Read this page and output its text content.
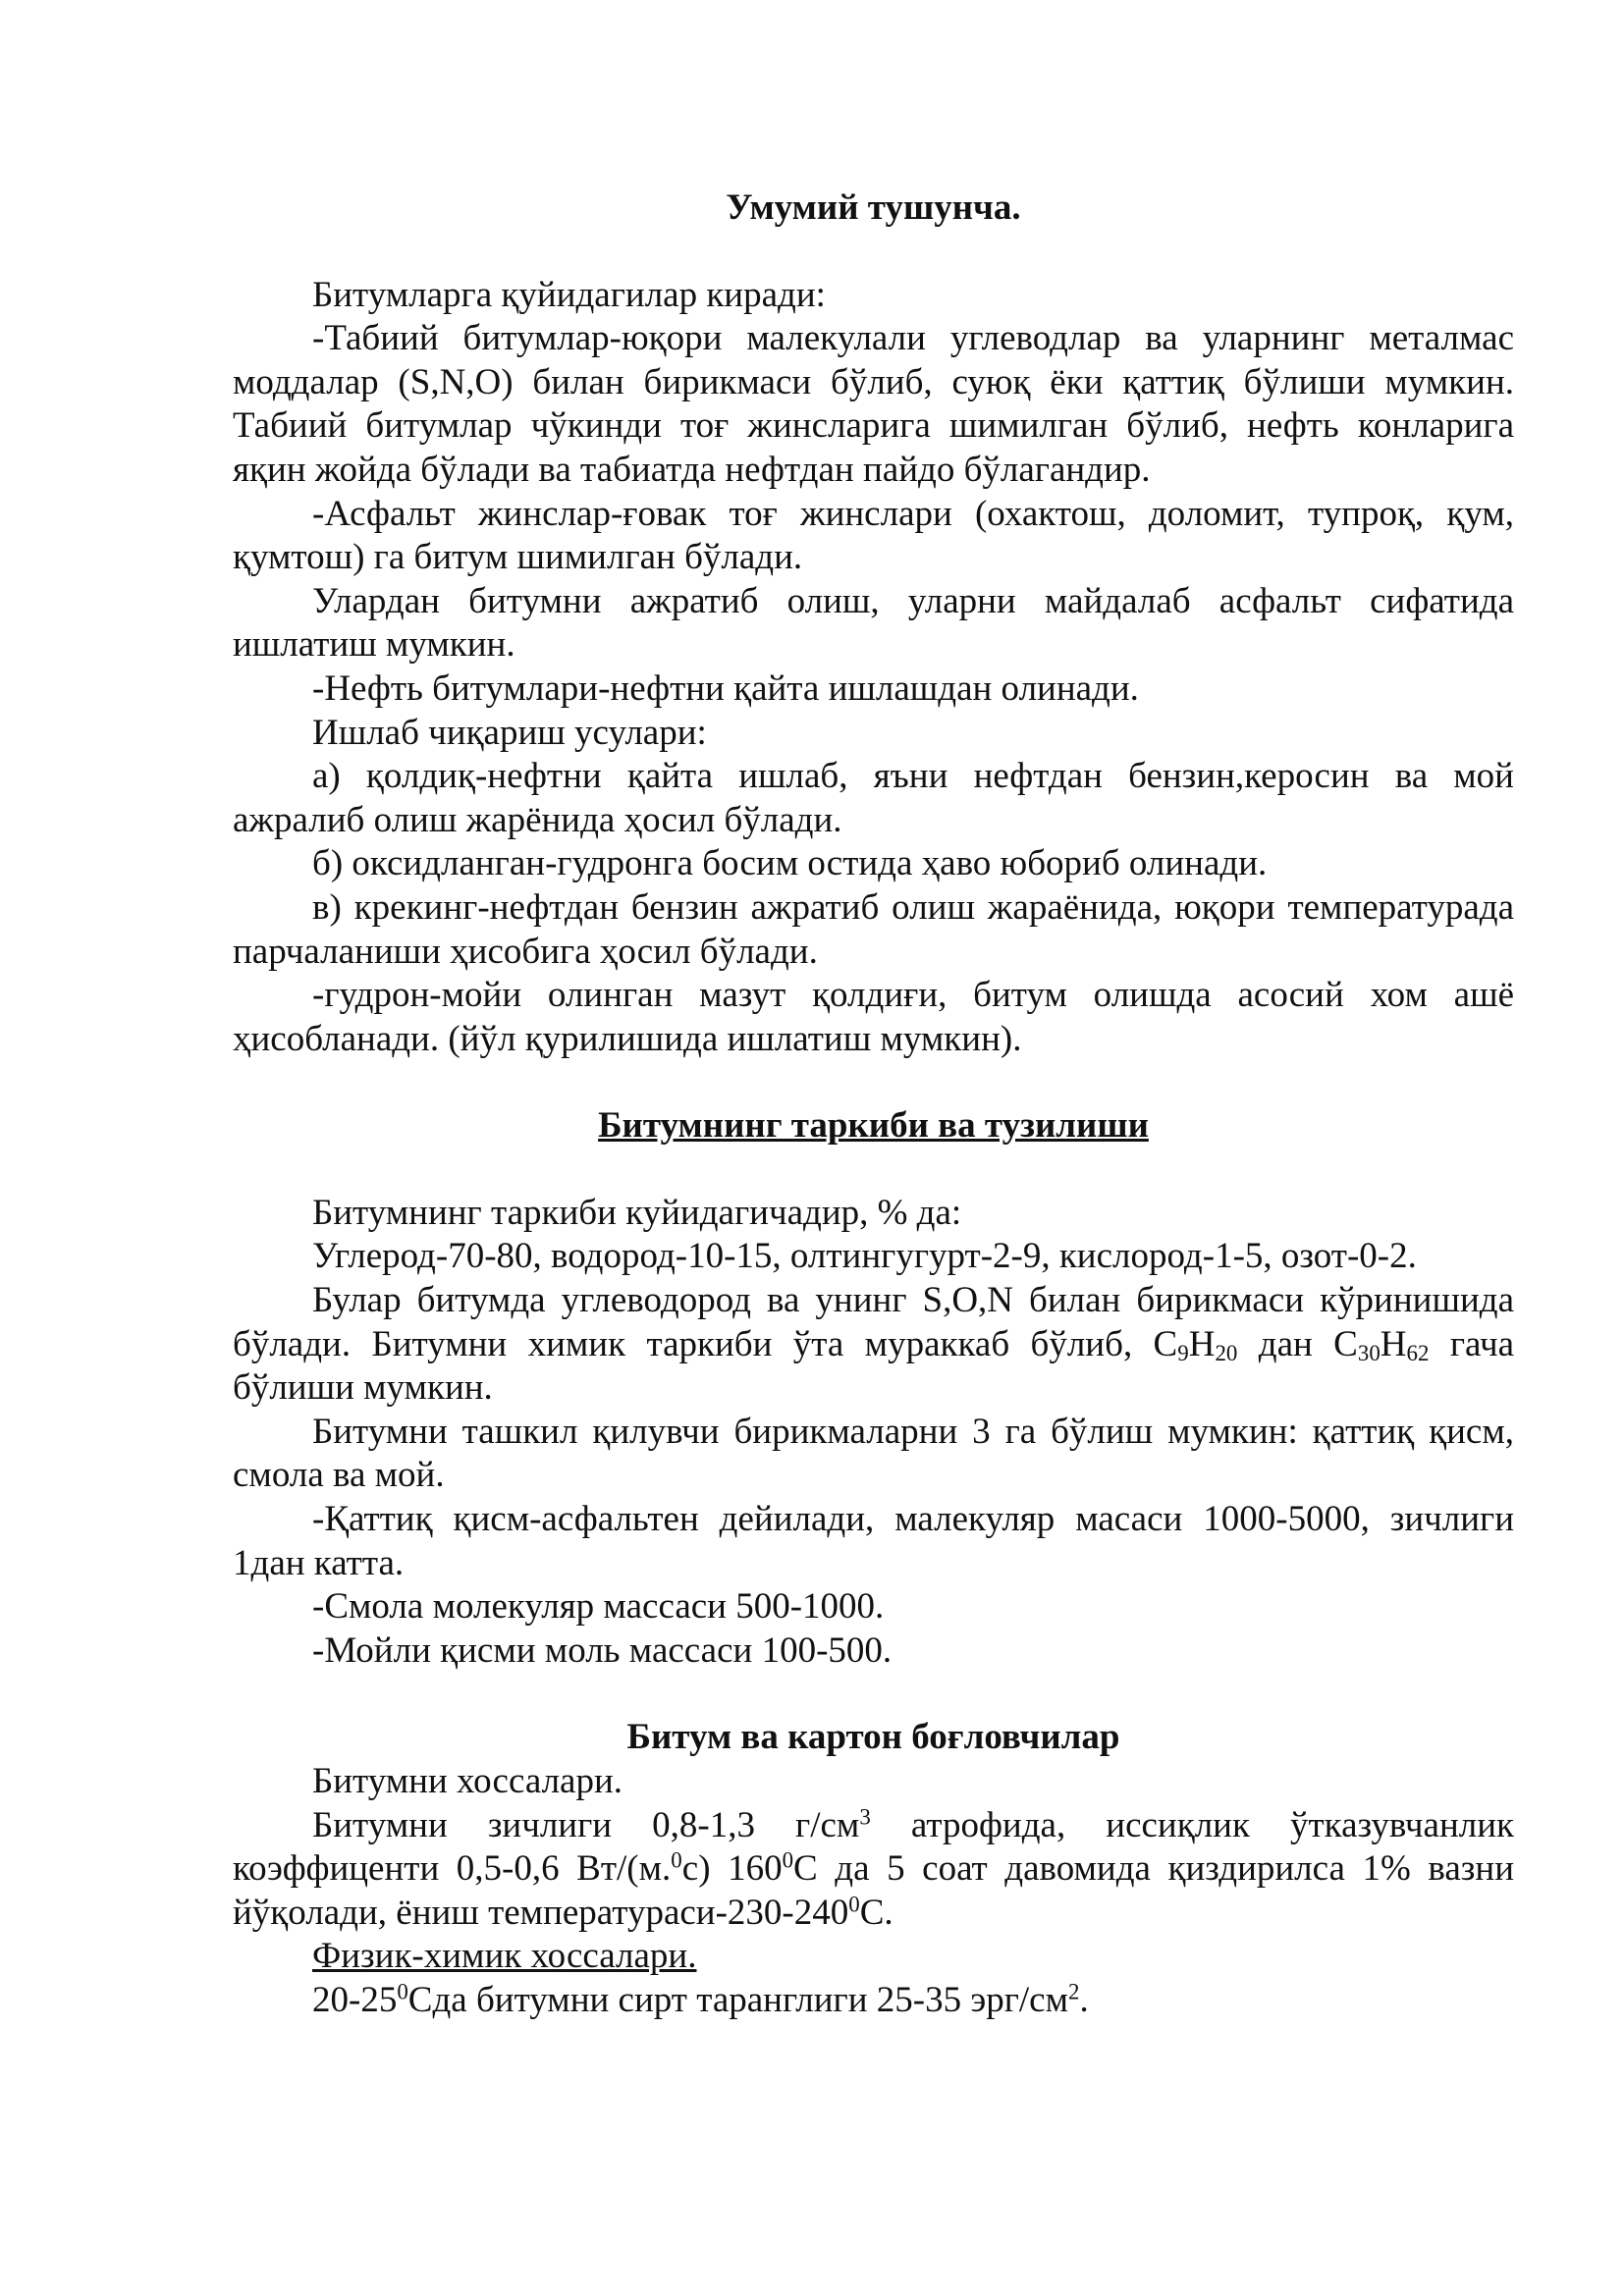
Умумий тушунча.

Битумларга қуйидагилар киради:

-Табиий битумлар-юқори малекулали углеводлар ва уларнинг металмас моддалар (S,N,O) билан бирикмаси бўлиб, суюқ ёки қаттиқ бўлиши мумкин. Табиий битумлар чўкинди тоғ жинсларига шимилган бўлиб, нефть конларига яқин жойда бўлади ва табиатда нефтдан пайдо бўлагандир.

-Асфальт жинслар-ғовак тоғ жинслари (охактош, доломит, тупроқ, қум, қумтош) га битум шимилган бўлади.

Улардан битумни ажратиб олиш, уларни майдалаб асфальт сифатида ишлатиш мумкин.

-Нефть битумлари-нефтни қайта ишлашдан олинади.

Ишлаб чиқариш усулари:

а) қолдиқ-нефтни қайта ишлаб, яъни нефтдан бензин,керосин ва мой ажралиб олиш жарёнида ҳосил бўлади.

б) оксидланган-гудронга босим остида ҳаво юбориб олинади.

в) крекинг-нефтдан бензин ажратиб олиш жараёнида, юқори температурада парчаланиши ҳисобига ҳосил бўлади.

-гудрон-мойи олинган мазут қолдиғи, битум олишда асосий хом ашё ҳисобланади. (йўл қурилишида ишлатиш мумкин).

Битумнинг таркиби ва тузилиши

Битумнинг таркиби куйидагичадир, % да:

Углерод-70-80, водород-10-15, олтингугурт-2-9, кислород-1-5, озот-0-2.

Булар битумда углеводород ва унинг S,O,N билан бирикмаси кўринишида бўлади. Битумни химик таркиби ўта мураккаб бўлиб, $C_9H_{20}$ дан $C_{30}H_{62}$ гача бўлиши мумкин.

Битумни ташкил қилувчи бирикмаларни 3 га бўлиш мумкин: қаттиқ қисм, смола ва мой.

-Қаттиқ қисм-асфальтен дейилади, малекуляр масаси 1000-5000, зичлиги 1дан катта.

-Смола молекуляр массаси 500-1000.

-Мойли қисми моль массаси 100-500.

Битум ва картон боғловчилар

Битумни хоссалари.

Битумни зичлиги 0,8-1,3 $г/см^3$ атрофида, иссиқлик ўтказувчанлик коэффиценти 0,5-0,6 Вт/(м.$^0$с) $160^0С$ да 5 соат давомида қиздирилса 1% вазни йўқолади, ёниш температураси-$230-240^0С$.

Физик-химик хоссалари.

$20-25^0Сда$ битумни сирт таранглиги 25-35 эрг/$см^2$.
